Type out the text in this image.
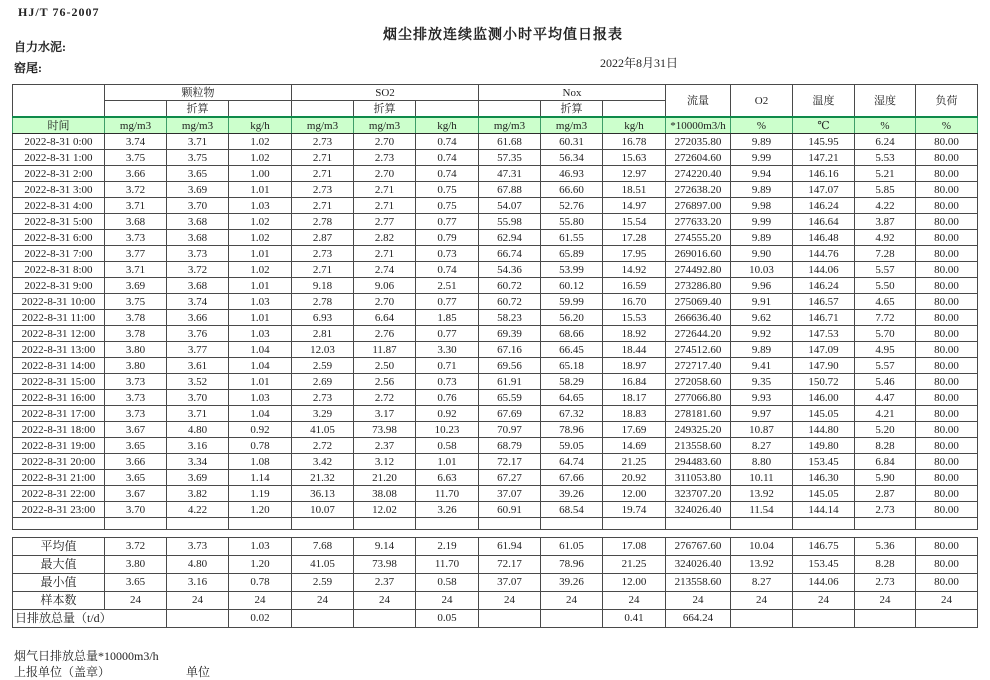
HJ/T 76-2007
烟尘排放连续监测小时平均值日报表
自力水泥:
窑尾:	2022年8月31日
	颗粒物			SO2			Nox			流量	O2	温度	湿度	负荷
		折算			折算			折算						
时间	mg/m3	mg/m3	kg/h	mg/m3	mg/m3	kg/h	mg/m3	mg/m3	kg/h	*10000m3/h	%	℃	%	%
2022-8-31 0:00	3.74	3.71	1.02	2.73	2.70	0.74	61.68	60.31	16.78	272035.80	9.89	145.95	6.24	80.00
2022-8-31 1:00	3.75	3.75	1.02	2.71	2.73	0.74	57.35	56.34	15.63	272604.60	9.99	147.21	5.53	80.00
2022-8-31 2:00	3.66	3.65	1.00	2.71	2.70	0.74	47.31	46.93	12.97	274220.40	9.94	146.16	5.21	80.00
2022-8-31 3:00	3.72	3.69	1.01	2.73	2.71	0.75	67.88	66.60	18.51	272638.20	9.89	147.07	5.85	80.00
2022-8-31 4:00	3.71	3.70	1.03	2.71	2.71	0.75	54.07	52.76	14.97	276897.00	9.98	146.24	4.22	80.00
2022-8-31 5:00	3.68	3.68	1.02	2.78	2.77	0.77	55.98	55.80	15.54	277633.20	9.99	146.64	3.87	80.00
2022-8-31 6:00	3.73	3.68	1.02	2.87	2.82	0.79	62.94	61.55	17.28	274555.20	9.89	146.48	4.92	80.00
2022-8-31 7:00	3.77	3.73	1.01	2.73	2.71	0.73	66.74	65.89	17.95	269016.60	9.90	144.76	7.28	80.00
2022-8-31 8:00	3.71	3.72	1.02	2.71	2.74	0.74	54.36	53.99	14.92	274492.80	10.03	144.06	5.57	80.00
2022-8-31 9:00	3.69	3.68	1.01	9.18	9.06	2.51	60.72	60.12	16.59	273286.80	9.96	146.24	5.50	80.00
2022-8-31 10:00	3.75	3.74	1.03	2.78	2.70	0.77	60.72	59.99	16.70	275069.40	9.91	146.57	4.65	80.00
2022-8-31 11:00	3.78	3.66	1.01	6.93	6.64	1.85	58.23	56.20	15.53	266636.40	9.62	146.71	7.72	80.00
2022-8-31 12:00	3.78	3.76	1.03	2.81	2.76	0.77	69.39	68.66	18.92	272644.20	9.92	147.53	5.70	80.00
2022-8-31 13:00	3.80	3.77	1.04	12.03	11.87	3.30	67.16	66.45	18.44	274512.60	9.89	147.09	4.95	80.00
2022-8-31 14:00	3.80	3.61	1.04	2.59	2.50	0.71	69.56	65.18	18.97	272717.40	9.41	147.90	5.57	80.00
2022-8-31 15:00	3.73	3.52	1.01	2.69	2.56	0.73	61.91	58.29	16.84	272058.60	9.35	150.72	5.46	80.00
2022-8-31 16:00	3.73	3.70	1.03	2.73	2.72	0.76	65.59	64.65	18.17	277066.80	9.93	146.00	4.47	80.00
2022-8-31 17:00	3.73	3.71	1.04	3.29	3.17	0.92	67.69	67.32	18.83	278181.60	9.97	145.05	4.21	80.00
2022-8-31 18:00	3.67	4.80	0.92	41.05	73.98	10.23	70.97	78.96	17.69	249325.20	10.87	144.80	5.20	80.00
2022-8-31 19:00	3.65	3.16	0.78	2.72	2.37	0.58	68.79	59.05	14.69	213558.60	8.27	149.80	8.28	80.00
2022-8-31 20:00	3.66	3.34	1.08	3.42	3.12	1.01	72.17	64.74	21.25	294483.60	8.80	153.45	6.84	80.00
2022-8-31 21:00	3.65	3.69	1.14	21.32	21.20	6.63	67.27	67.66	20.92	311053.80	10.11	146.30	5.90	80.00
2022-8-31 22:00	3.67	3.82	1.19	36.13	38.08	11.70	37.07	39.26	12.00	323707.20	13.92	145.05	2.87	80.00
2022-8-31 23:00	3.70	4.22	1.20	10.07	12.02	3.26	60.91	68.54	19.74	324026.40	11.54	144.14	2.73	80.00

平均值	3.72	3.73	1.03	7.68	9.14	2.19	61.94	61.05	17.08	276767.60	10.04	146.75	5.36	80.00
最大值	3.80	4.80	1.20	41.05	73.98	11.70	72.17	78.96	21.25	324026.40	13.92	153.45	8.28	80.00
最小值	3.65	3.16	0.78	2.59	2.37	0.58	37.07	39.26	12.00	213558.60	8.27	144.06	2.73	80.00
样本数	24	24	24	24	24	24	24	24	24	24	24	24	24	24
日排放总量（t/d）			0.02			0.05			0.41	664.24				
烟气日排放总量*10000m3/h
上报单位（盖章）	单位
